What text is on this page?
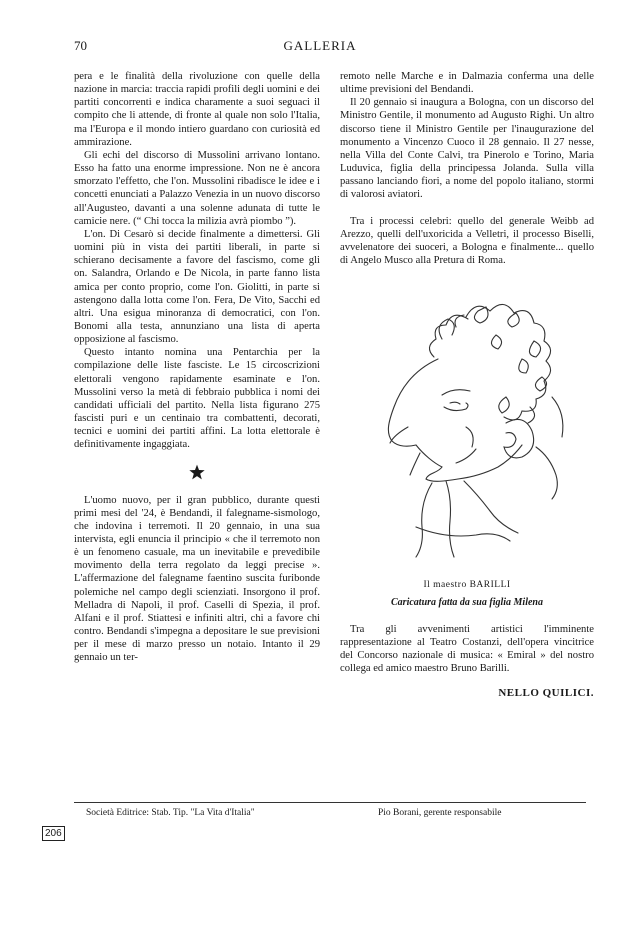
70	GALLERIA

pera e le finalità della rivoluzione con quelle della nazione in marcia: traccia rapidi profili degli uomini e dei partiti concorrenti e indica charamente a suoi seguaci il compito che li attende, di fronte al quale non solo l'Italia, ma l'Europa e il mondo intiero guardano con curiosità ed ammirazione.

Gli echi del discorso di Mussolini arrivano lontano. Esso ha fatto una enorme impressione. Non ne è ancora smorzato l'effetto, che l'on. Mussolini ribadisce le idee e i concetti enunciati a Palazzo Venezia in un nuovo discorso all'Augusteo, davanti a una solenne adunata di tutte le camicie nere. (“ Chi tocca la milizia avrà piombo ”).

L'on. Di Cesarò si decide finalmente a dimettersi. Gli uomini più in vista dei partiti liberali, in parte si schierano decisamente a favore del fascismo, come gli on. Salandra, Orlando e De Nicola, in parte fanno lista amica per conto proprio, come l'on. Giolitti, in parte si astengono dalla lotta come l'on. Fera, De Vito, Sacchi ed altri. Una esigua minoranza di democratici, con l'on. Bonomi alla testa, annunziano una lista di aperta opposizione al fascismo.

Questo intanto nomina una Pentarchia per la compilazione delle liste fasciste. Le 15 circoscrizioni elettorali vengono rapidamente esaminate e l'on. Mussolini verso la metà di febbraio pubblica i nomi dei candidati ufficiali del partito. Nella lista figurano 275 fascisti puri e un centinaio tra combattenti, decorati, tecnici e uomini dei partiti affini. La lotta elettorale è definitivamente ingaggiata.

L'uomo nuovo, per il gran pubblico, durante questi primi mesi del '24, è Bendandi, il falegname-sismologo, che indovina i terremoti. Il 20 gennaio, in una sua intervista, egli enuncia il principio « che il terremoto non è un fenomeno casuale, ma un inevitabile e prevedibile movimento della terra regolato da leggi precise ». L'affermazione del falegname faentino suscita furibonde polemiche nel campo degli scienziati. Insorgono il prof. Melladra di Napoli, il prof. Caselli di Spezia, il prof. Alfani e il prof. Stiattesi e infiniti altri, chi a favore chi contro. Bendandi s'impegna a depositare le sue previsioni per il mese di marzo presso un notaio. Intanto il 29 gennaio un ter-

remoto nelle Marche e in Dalmazia conferma una delle ultime previsioni del Bendandi.

Il 20 gennaio si inaugura a Bologna, con un discorso del Ministro Gentile, il monumento ad Augusto Righi. Un altro discorso tiene il Ministro Gentile per l'inaugurazione del monumento a Vincenzo Cuoco il 28 gennaio. Il 27 nesse, nella Villa del Conte Calvi, tra Pinerolo e Torino, Maria Luduvica, figlia della principessa Jolanda. Sulla villa passano lanciando fiori, a nome del popolo italiano, stormi di valorosi aviatori.

Tra i processi celebri: quello del generale Weibb ad Arezzo, quelli dell'uxoricida a Velletri, il processo Biselli, avvelenatore dei suoceri, a Bologna e finalmente... quello di Angelo Musco alla Pretura di Roma.

Il maestro BARILLI
Caricatura fatta da sua figlia Milena

Tra gli avvenimenti artistici l'imminente rappresentazione al Teatro Costanzi, dell'opera vincitrice del Concorso nazionale di musica: « Emiral » del nostro collega ed amico maestro Bruno Barilli.

NELLO QUILICI.
Società Editrice: Stab. Tip. "La Vita d'Italia"	Pio Borani, gerente responsabile
206
